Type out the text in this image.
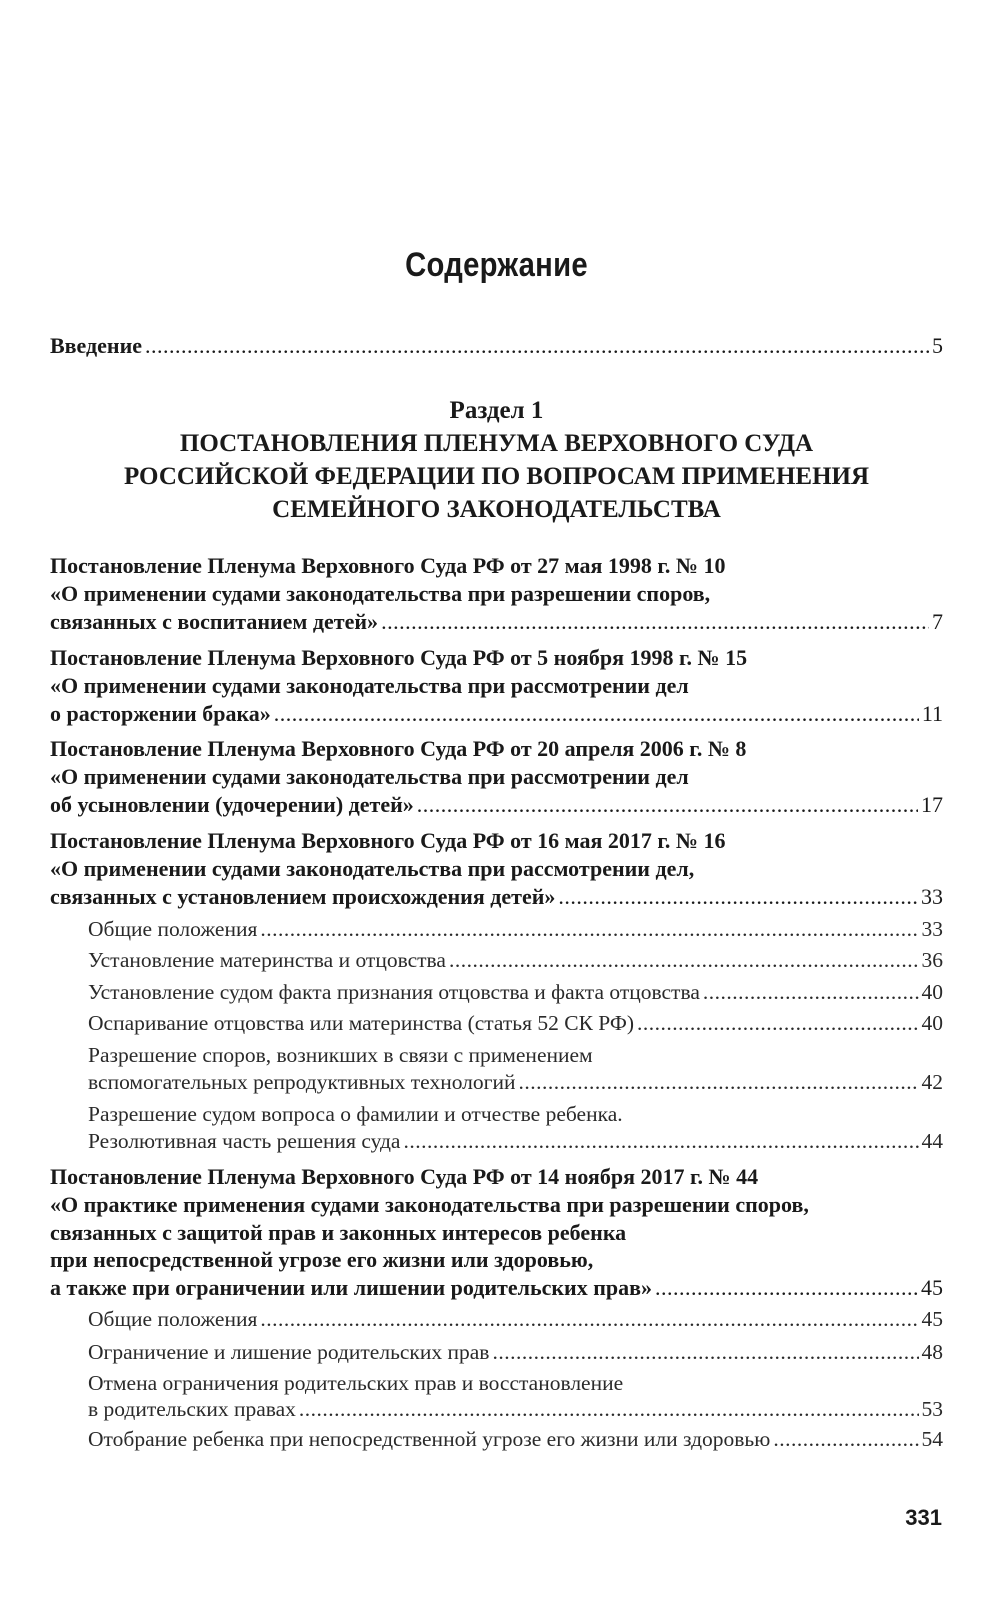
Содержание
Введение .....	5
Раздел 1
ПОСТАНОВЛЕНИЯ ПЛЕНУМА ВЕРХОВНОГО СУДА
РОССИЙСКОЙ ФЕДЕРАЦИИ ПО ВОПРОСАМ ПРИМЕНЕНИЯ
СЕМЕЙНОГО ЗАКОНОДАТЕЛЬСТВА
Постановление Пленума Верховного Суда РФ от 27 мая 1998 г. № 10
«О применении судами законодательства при разрешении споров,
связанных с воспитанием детей» .....	7
Постановление Пленума Верховного Суда РФ от 5 ноября 1998 г. № 15
«О применении судами законодательства при рассмотрении дел
о расторжении брака» .....	11
Постановление Пленума Верховного Суда РФ от 20 апреля 2006 г. № 8
«О применении судами законодательства при рассмотрении дел
об усыновлении (удочерении) детей» .....	17
Постановление Пленума Верховного Суда РФ от 16 мая 2017 г. № 16
«О применении судами законодательства при рассмотрении дел,
связанных с установлением происхождения детей» .....	33
Общие положения .....	33
Установление материнства и отцовства .....	36
Установление судом факта признания отцовства и факта отцовства .....	40
Оспаривание отцовства или материнства (статья 52 СК РФ) .....	40
Разрешение споров, возникших в связи с применением
вспомогательных репродуктивных технологий .....	42
Разрешение судом вопроса о фамилии и отчестве ребенка.
Резолютивная часть решения суда .....	44
Постановление Пленума Верховного Суда РФ от 14 ноября 2017 г. № 44
«О практике применения судами законодательства при разрешении споров,
связанных с защитой прав и законных интересов ребенка
при непосредственной угрозе его жизни или здоровью,
а также при ограничении или лишении родительских прав» .....	45
Общие положения .....	45
Ограничение и лишение родительских прав .....	48
Отмена ограничения родительских прав и восстановление
в родительских правах .....	53
Отобрание ребенка при непосредственной угрозе его жизни или здоровью .....	54
331
